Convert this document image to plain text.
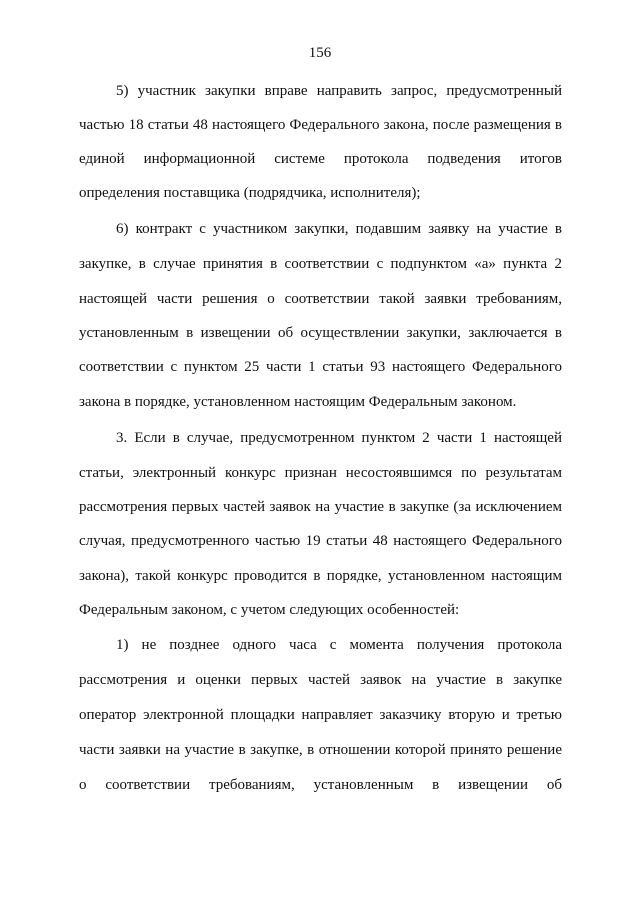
156
5) участник закупки вправе направить запрос, предусмотренный
частью 18 статьи 48 настоящего Федерального закона, после размещения в
единой информационной системе протокола подведения итогов
определения поставщика (подрядчика, исполнителя);
6) контракт с участником закупки, подавшим заявку на участие в
закупке, в случае принятия в соответствии с подпунктом «а» пункта 2
настоящей части решения о соответствии такой заявки требованиям,
установленным в извещении об осуществлении закупки, заключается в
соответствии с пунктом 25 части 1 статьи 93 настоящего Федерального
закона в порядке, установленном настоящим Федеральным законом.
3. Если в случае, предусмотренном пунктом 2 части 1 настоящей
статьи, электронный конкурс признан несостоявшимся по результатам
рассмотрения первых частей заявок на участие в закупке (за исключением
случая, предусмотренного частью 19 статьи 48 настоящего Федерального
закона), такой конкурс проводится в порядке, установленном настоящим
Федеральным законом, с учетом следующих особенностей:
1) не позднее одного часа с момента получения протокола
рассмотрения и оценки первых частей заявок на участие в закупке
оператор электронной площадки направляет заказчику вторую и третью
части заявки на участие в закупке, в отношении которой принято решение
о соответствии требованиям, установленным в извещении об
